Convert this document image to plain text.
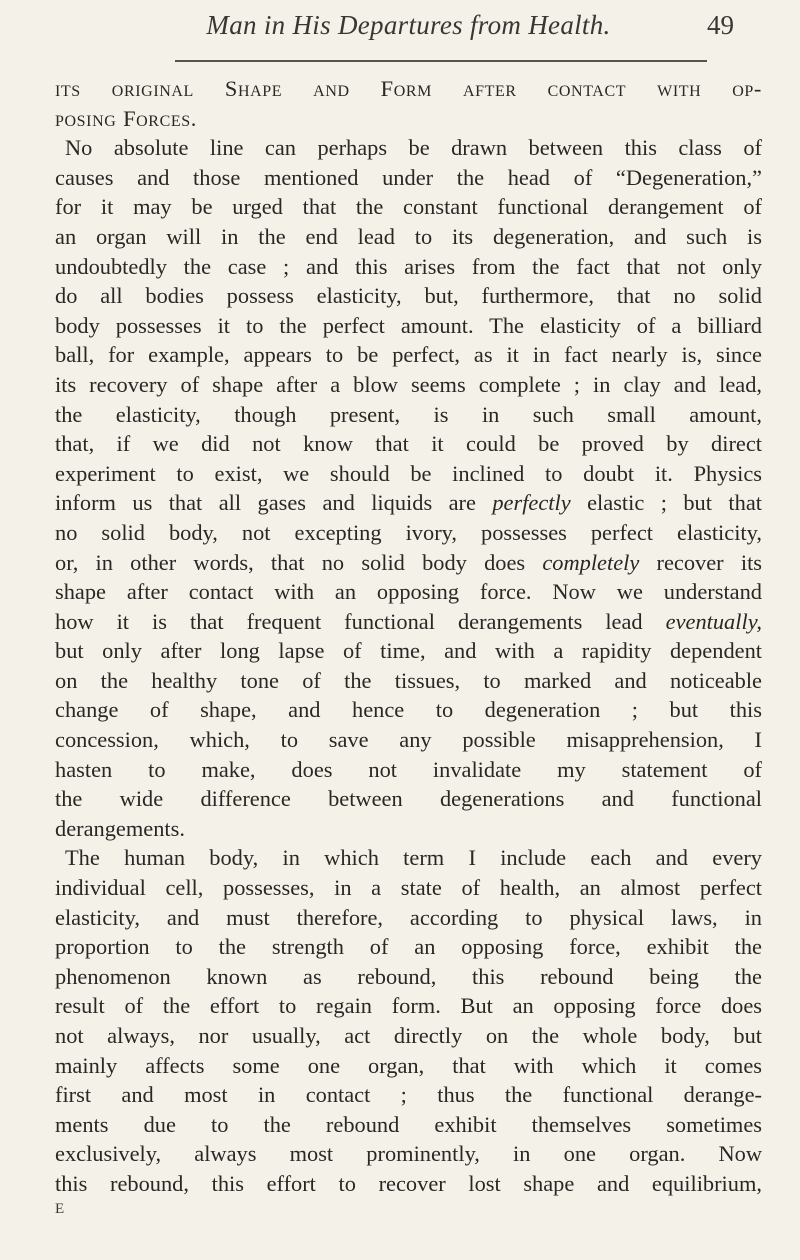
Man in His Departures from Health.	49
its original Shape and Form after contact with op-
posing Forces.
No absolute line can perhaps be drawn between this class of
causes and those mentioned under the head of “Degeneration,”
for it may be urged that the constant functional derangement of
an organ will in the end lead to its degeneration, and such is
undoubtedly the case ; and this arises from the fact that not only
do all bodies possess elasticity, but, furthermore, that no solid
body possesses it to the perfect amount. The elasticity of a billiard
ball, for example, appears to be perfect, as it in fact nearly is, since
its recovery of shape after a blow seems complete ; in clay and lead,
the elasticity, though present, is in such small amount,
that, if we did not know that it could be proved by direct
experiment to exist, we should be inclined to doubt it. Physics
inform us that all gases and liquids are perfectly elastic ; but that
no solid body, not excepting ivory, possesses perfect elasticity,
or, in other words, that no solid body does completely recover its
shape after contact with an opposing force. Now we understand
how it is that frequent functional derangements lead eventually,
but only after long lapse of time, and with a rapidity dependent
on the healthy tone of the tissues, to marked and noticeable
change of shape, and hence to degeneration ; but this
concession, which, to save any possible misapprehension, I
hasten to make, does not invalidate my statement of
the wide difference between degenerations and functional
derangements.
The human body, in which term I include each and every
individual cell, possesses, in a state of health, an almost perfect
elasticity, and must therefore, according to physical laws, in
proportion to the strength of an opposing force, exhibit the
phenomenon known as rebound, this rebound being the
result of the effort to regain form. But an opposing force does
not always, nor usually, act directly on the whole body, but
mainly affects some one organ, that with which it comes
first and most in contact ; thus the functional derange-
ments due to the rebound exhibit themselves sometimes
exclusively, always most prominently, in one organ. Now
this rebound, this effort to recover lost shape and equilibrium,
E
